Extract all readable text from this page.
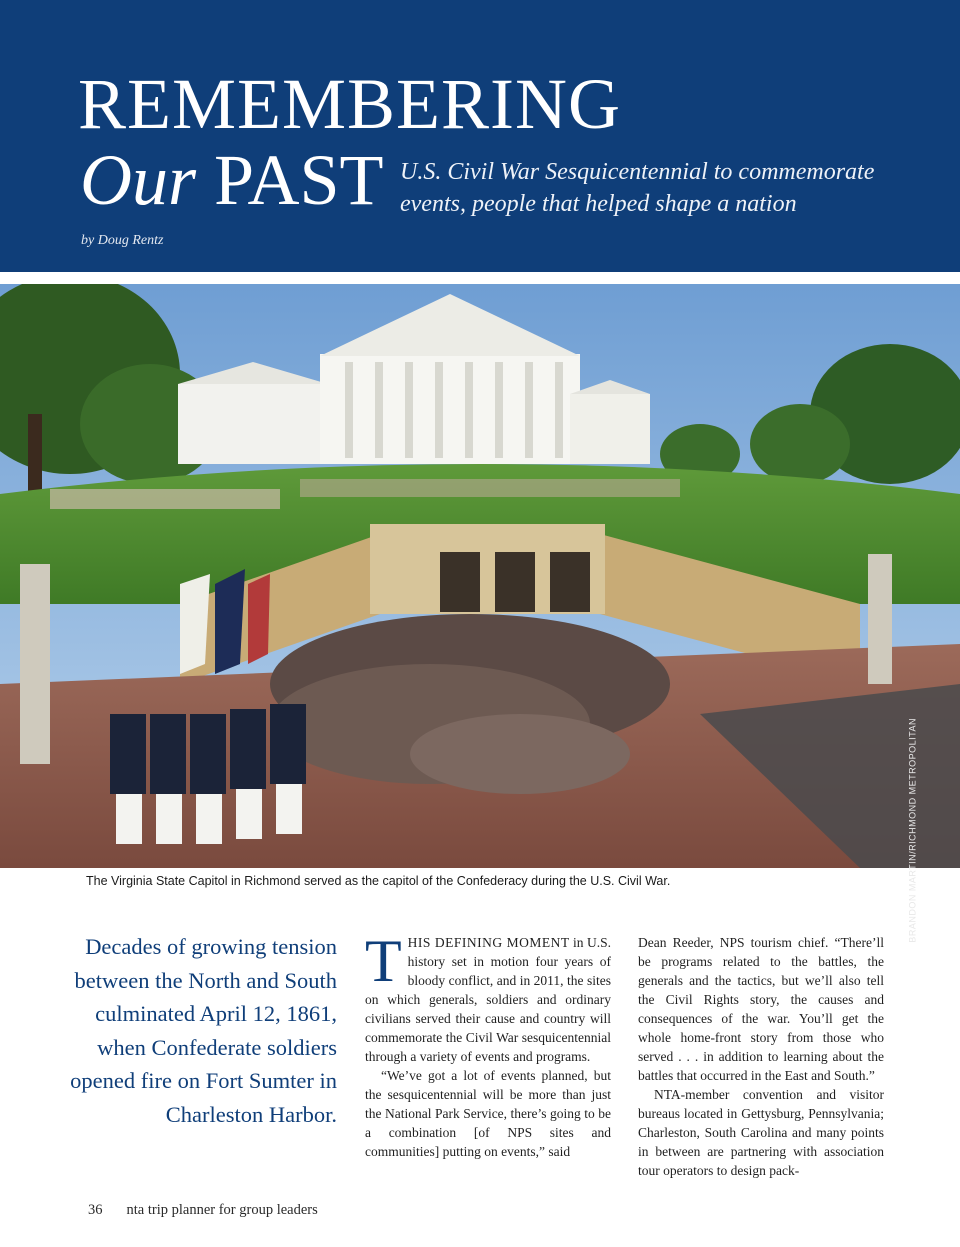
REMEMBERING
Our PAST U.S. Civil War Sesquicentennial to commemorate
events, people that helped shape a nation
by Doug Rentz
BRANDON MARTIN/RICHMOND METROPOLITAN
The Virginia State Capitol in Richmond served as the capitol of the Confederacy during the U.S. Civil War.
Decades of growing tension between the North and South culminated April 12, 1861, when Confederate soldiers opened fire on Fort Sumter in Charleston Harbor.

THIS DEFINING MOMENT in U.S. history set in motion four years of bloody conflict, and in 2011, the sites on which generals, soldiers and ordinary civilians served their cause and country will commemorate the Civil War sesquicentennial through a variety of events and programs.

“We’ve got a lot of events planned, but the sesquicentennial will be more than just the National Park Service, there’s going to be a combination [of NPS sites and communities] putting on events,” said

Dean Reeder, NPS tourism chief. “There’ll be programs related to the battles, the generals and the tactics, but we’ll also tell the Civil Rights story, the causes and consequences of the war. You’ll get the whole home-front story from those who served . . . in addition to learning about the battles that occurred in the East and South.”

NTA-member convention and visitor bureaus located in Gettysburg, Pennsylvania; Charleston, South Carolina and many points in between are partnering with association tour operators to design pack-

36 nta trip planner for group leaders
